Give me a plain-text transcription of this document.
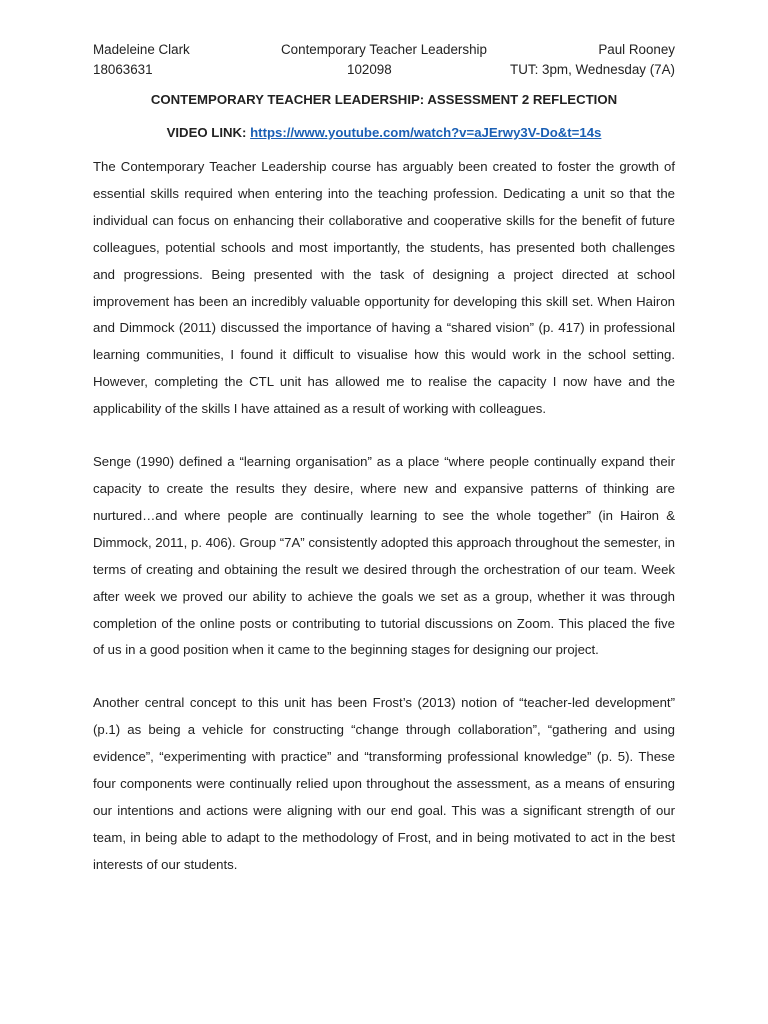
Madeleine Clark	Contemporary Teacher Leadership	Paul Rooney
18063631	102098	TUT: 3pm, Wednesday (7A)
CONTEMPORARY TEACHER LEADERSHIP: ASSESSMENT 2 REFLECTION
VIDEO LINK: https://www.youtube.com/watch?v=aJErwy3V-Do&t=14s

The Contemporary Teacher Leadership course has arguably been created to foster the growth of essential skills required when entering into the teaching profession. Dedicating a unit so that the individual can focus on enhancing their collaborative and cooperative skills for the benefit of future colleagues, potential schools and most importantly, the students, has presented both challenges and progressions. Being presented with the task of designing a project directed at school improvement has been an incredibly valuable opportunity for developing this skill set. When Hairon and Dimmock (2011) discussed the importance of having a “shared vision” (p. 417) in professional learning communities, I found it difficult to visualise how this would work in the school setting. However, completing the CTL unit has allowed me to realise the capacity I now have and the applicability of the skills I have attained as a result of working with colleagues.

Senge (1990) defined a “learning organisation” as a place “where people continually expand their capacity to create the results they desire, where new and expansive patterns of thinking are nurtured…and where people are continually learning to see the whole together” (in Hairon & Dimmock, 2011, p. 406). Group “7A” consistently adopted this approach throughout the semester, in terms of creating and obtaining the result we desired through the orchestration of our team. Week after week we proved our ability to achieve the goals we set as a group, whether it was through completion of the online posts or contributing to tutorial discussions on Zoom. This placed the five of us in a good position when it came to the beginning stages for designing our project.

Another central concept to this unit has been Frost’s (2013) notion of “teacher-led development” (p.1) as being a vehicle for constructing “change through collaboration”, “gathering and using evidence”, “experimenting with practice” and “transforming professional knowledge” (p. 5). These four components were continually relied upon throughout the assessment, as a means of ensuring our intentions and actions were aligning with our end goal. This was a significant strength of our team, in being able to adapt to the methodology of Frost, and in being motivated to act in the best interests of our students.
